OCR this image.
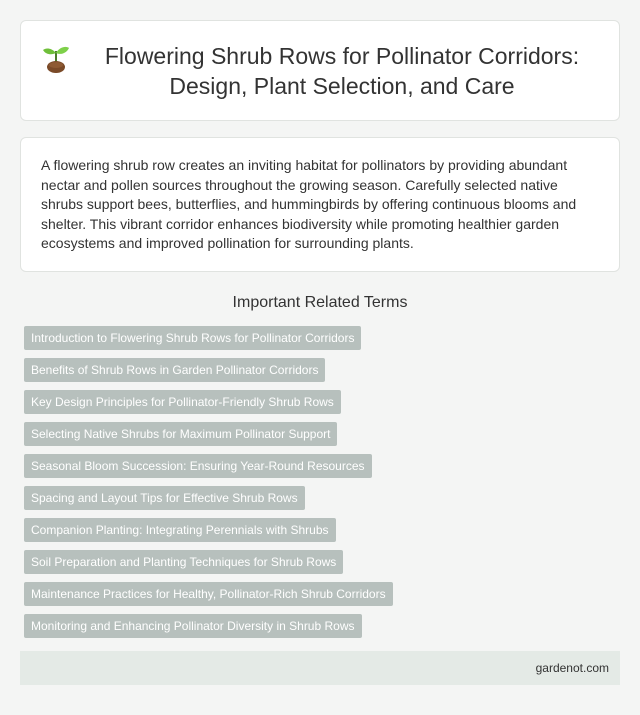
Flowering Shrub Rows for Pollinator Corridors: Design, Plant Selection, and Care

A flowering shrub row creates an inviting habitat for pollinators by providing abundant nectar and pollen sources throughout the growing season. Carefully selected native shrubs support bees, butterflies, and hummingbirds by offering continuous blooms and shelter. This vibrant corridor enhances biodiversity while promoting healthier garden ecosystems and improved pollination for surrounding plants.

Important Related Terms
Introduction to Flowering Shrub Rows for Pollinator Corridors
Benefits of Shrub Rows in Garden Pollinator Corridors
Key Design Principles for Pollinator-Friendly Shrub Rows
Selecting Native Shrubs for Maximum Pollinator Support
Seasonal Bloom Succession: Ensuring Year-Round Resources
Spacing and Layout Tips for Effective Shrub Rows
Companion Planting: Integrating Perennials with Shrubs
Soil Preparation and Planting Techniques for Shrub Rows
Maintenance Practices for Healthy, Pollinator-Rich Shrub Corridors
Monitoring and Enhancing Pollinator Diversity in Shrub Rows
gardenot.com
